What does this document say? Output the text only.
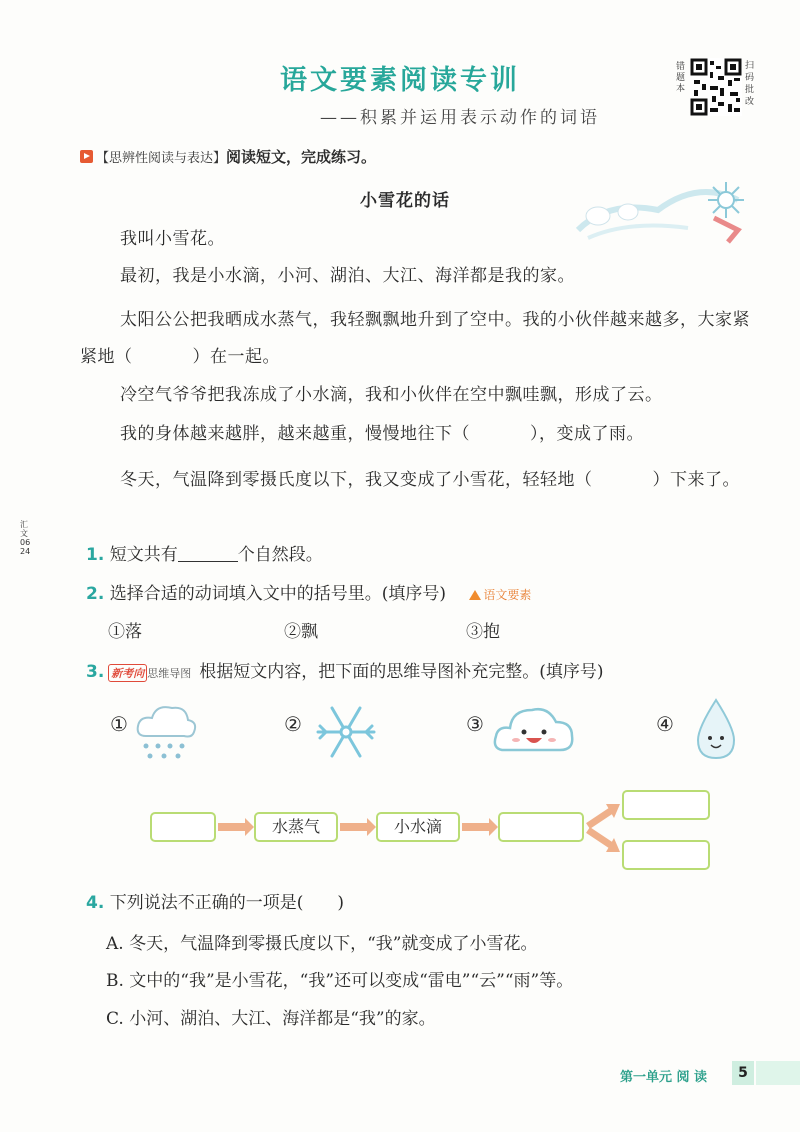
语文要素阅读专训
——积累并运用表示动作的词语
错题本
扫码批改
【思辨性阅读与表达】阅读短文，完成练习。
小雪花的话
我叫小雪花。
最初，我是小水滴，小河、湖泊、大江、海洋都是我的家。
太阳公公把我晒成水蒸气，我轻飘飘地升到了空中。我的小伙伴越来越多，大家紧紧地（	）在一起。
冷空气爷爷把我冻成了小水滴，我和小伙伴在空中飘哇飘，形成了云。
我的身体越来越胖，越来越重，慢慢地往下（	），变成了雨。
冬天，气温降到零摄氏度以下，我又变成了小雪花，轻轻地（	）下来了。
汇文 06 24	1. 短文共有	个自然段。
2. 选择合适的动词填入文中的括号里。(填序号)	语文要素
①落	②飘	③抱
3. 新考向 思维导图 根据短文内容，把下面的思维导图补充完整。(填序号)
①	②	③	④
水蒸气	小水滴
4. 下列说法不正确的一项是(　　)
A. 冬天，气温降到零摄氏度以下，“我”就变成了小雪花。
B. 文中的“我”是小雪花，“我”还可以变成“雷电”“云”“雨”等。
C. 小河、湖泊、大江、海洋都是“我”的家。
第一单元 阅 读	5
